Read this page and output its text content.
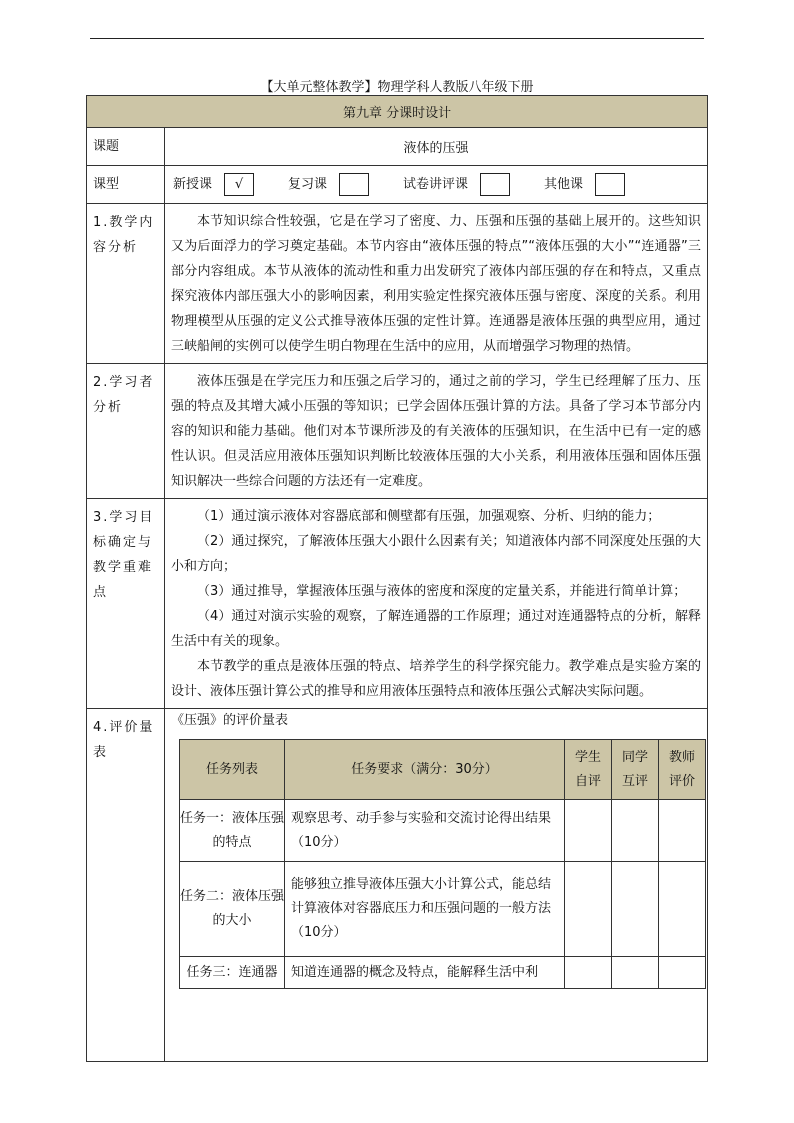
【大单元整体教学】物理学科人教版八年级下册
第九章 分课时设计
课题	液体的压强
课型	新授课 √	复习课	试卷讲评课	其他课
1.教学内容分析	

本节知识综合性较强，它是在学习了密度、力、压强和压强的基础上展开的。这些知识又为后面浮力的学习奠定基础。本节内容由“液体压强的特点”“液体压强的大小”“连通器”三部分内容组成。本节从液体的流动性和重力出发研究了液体内部压强的存在和特点，又重点探究液体内部压强大小的影响因素，利用实验定性探究液体压强与密度、深度的关系。利用物理模型从压强的定义公式推导液体压强的定性计算。连通器是液体压强的典型应用，通过三峡船闸的实例可以使学生明白物理在生活中的应用，从而增强学习物理的热情。

2.学习者分析	

液体压强是在学完压力和压强之后学习的，通过之前的学习，学生已经理解了压力、压强的特点及其增大减小压强的等知识；已学会固体压强计算的方法。具备了学习本节部分内容的知识和能力基础。他们对本节课所涉及的有关液体的压强知识，在生活中已有一定的感性认识。但灵活应用液体压强知识判断比较液体压强的大小关系，利用液体压强和固体压强知识解决一些综合问题的方法还有一定难度。

3.学习目标确定与教学重难点	

（1）通过演示液体对容器底部和侧壁都有压强，加强观察、分析、归纳的能力；

（2）通过探究，了解液体压强大小跟什么因素有关；知道液体内部不同深度处压强的大小和方向；

（3）通过推导，掌握液体压强与液体的密度和深度的定量关系，并能进行简单计算；

（4）通过对演示实验的观察，了解连通器的工作原理；通过对连通器特点的分析，解释生活中有关的现象。

本节教学的重点是液体压强的特点、培养学生的科学探究能力。教学难点是实验方案的设计、液体压强计算公式的推导和应用液体压强特点和液体压强公式解决实际问题。

4.评价量表	
《压强》的评价量表
任务列表	任务要求（满分：30分）	学生自评	同学互评	教师评价
任务一：液体压强的特点	观察思考、动手参与实验和交流讨论得出结果（10分）			
任务二：液体压强的大小	能够独立推导液体压强大小计算公式，能总结计算液体对容器底压力和压强问题的一般方法（10分）			
任务三：连通器	知道连通器的概念及特点，能解释生活中利			
